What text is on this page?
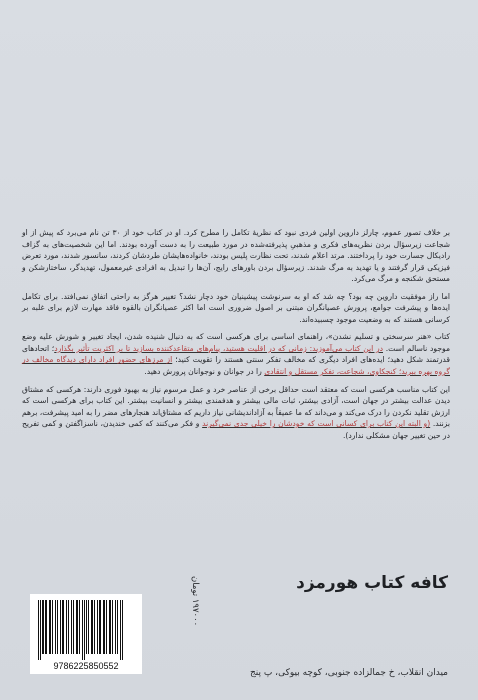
بر خلاف تصور عموم، چارلز داروین اولین فردی نبود که نظریهٔ تکامل را مطرح کرد. او در کتاب خود از ۳۰ تن نام می‌برد که پیش از او شجاعت زیرسؤال بردن نظریه‌های فکری و مذهبیِ پذیرفته‌شده در مورد طبیعت را به دست آورده بودند. اما این شخصیت‌های به گزاف رادیکال جسارت خود را پرداختند. مرتد اعلام شدند، تحت نظارت پلیس بودند، خانواده‌هایشان طردشان کردند، سانسور شدند، مورد تعرض فیزیکی قرار گرفتند و یا تهدید به مرگ شدند. زیرسؤال بردن باورهای رایج، آن‌ها را تبدیل به افرادی غیرمعمول، تهدیدگر، ساختارشکن و مستحق شکنجه و مرگ می‌کرد.

اما راز موفقیت داروین چه بود؟ چه شد که او به سرنوشت پیشینیان خود دچار نشد؟ تغییر هرگز به راحتی اتفاق نمی‌افتد. برای تکامل ایده‌ها و پیشرفت جوامع، پرورش عصیانگران مبتنی بر اصول ضروری است اما اکثر عصیانگران بالقوه فاقد مهارت لازم برای غلبه بر کرسانی هستند که به وضعیت موجود چسبیده‌اند.

کتاب «هنر سرسختی و تسلیم نشدن»، راهنمای اساسی برای هرکسی است که به دنبال شنیده شدن، ایجاد تغییر و شورش علیه وضع موجود ناسالم است. در این کتاب می‌آموزید: زمانی که در اقلیت هستید، پیام‌های متقاعدکننده بسازید تا بر اکثریت تأثیر بگذارد؛ اتحادهای قدرتمند شکل دهید؛ ایده‌های افراد دیگری که مخالف تفکر سنتی هستند را تقویت کنید؛ از مرزهای حضور افراد دارای دیدگاه مخالف در گروه بهره ببرید؛ کنجکاوی، شجاعت، تفکر مستقل و انتقادی را در جوانان و نوجوانان پرورش دهید.

این کتاب مناسب هرکسی است که معتقد است حداقل برخی از عناصر خرد و عمل مرسوم نیاز به بهبود فوری دارند: هرکسی که مشتاق دیدن عدالت بیشتر در جهان است، آزادی بیشتر، ثبات مالی بیشتر و هدفمندی بیشتر و انسانیت بیشتر. این کتاب برای هرکسی است که ارزش تقلید نکردن را درک می‌کند و می‌داند که ما عمیقاً به آزاداندیشانی نیاز داریم که مشتاق‌اند هنجارهای مضر را به امید پیشرفت، برهم بزنند. (و البته این کتاب برای کسانی است که خودشان را خیلی جدی نمی‌گیرند و فکر می‌کنند که کمی خندیدن، ناسزاگفتن و کمی تفریح در حین تغییر جهان مشکلی ندارد).

کافه کتاب هورمزد
میدان انقلاب، خ جمالزاده جنوبی، کوچه بیوکی، پ پنج
۱۹۷۰۰۰ تومان
9786225850552
